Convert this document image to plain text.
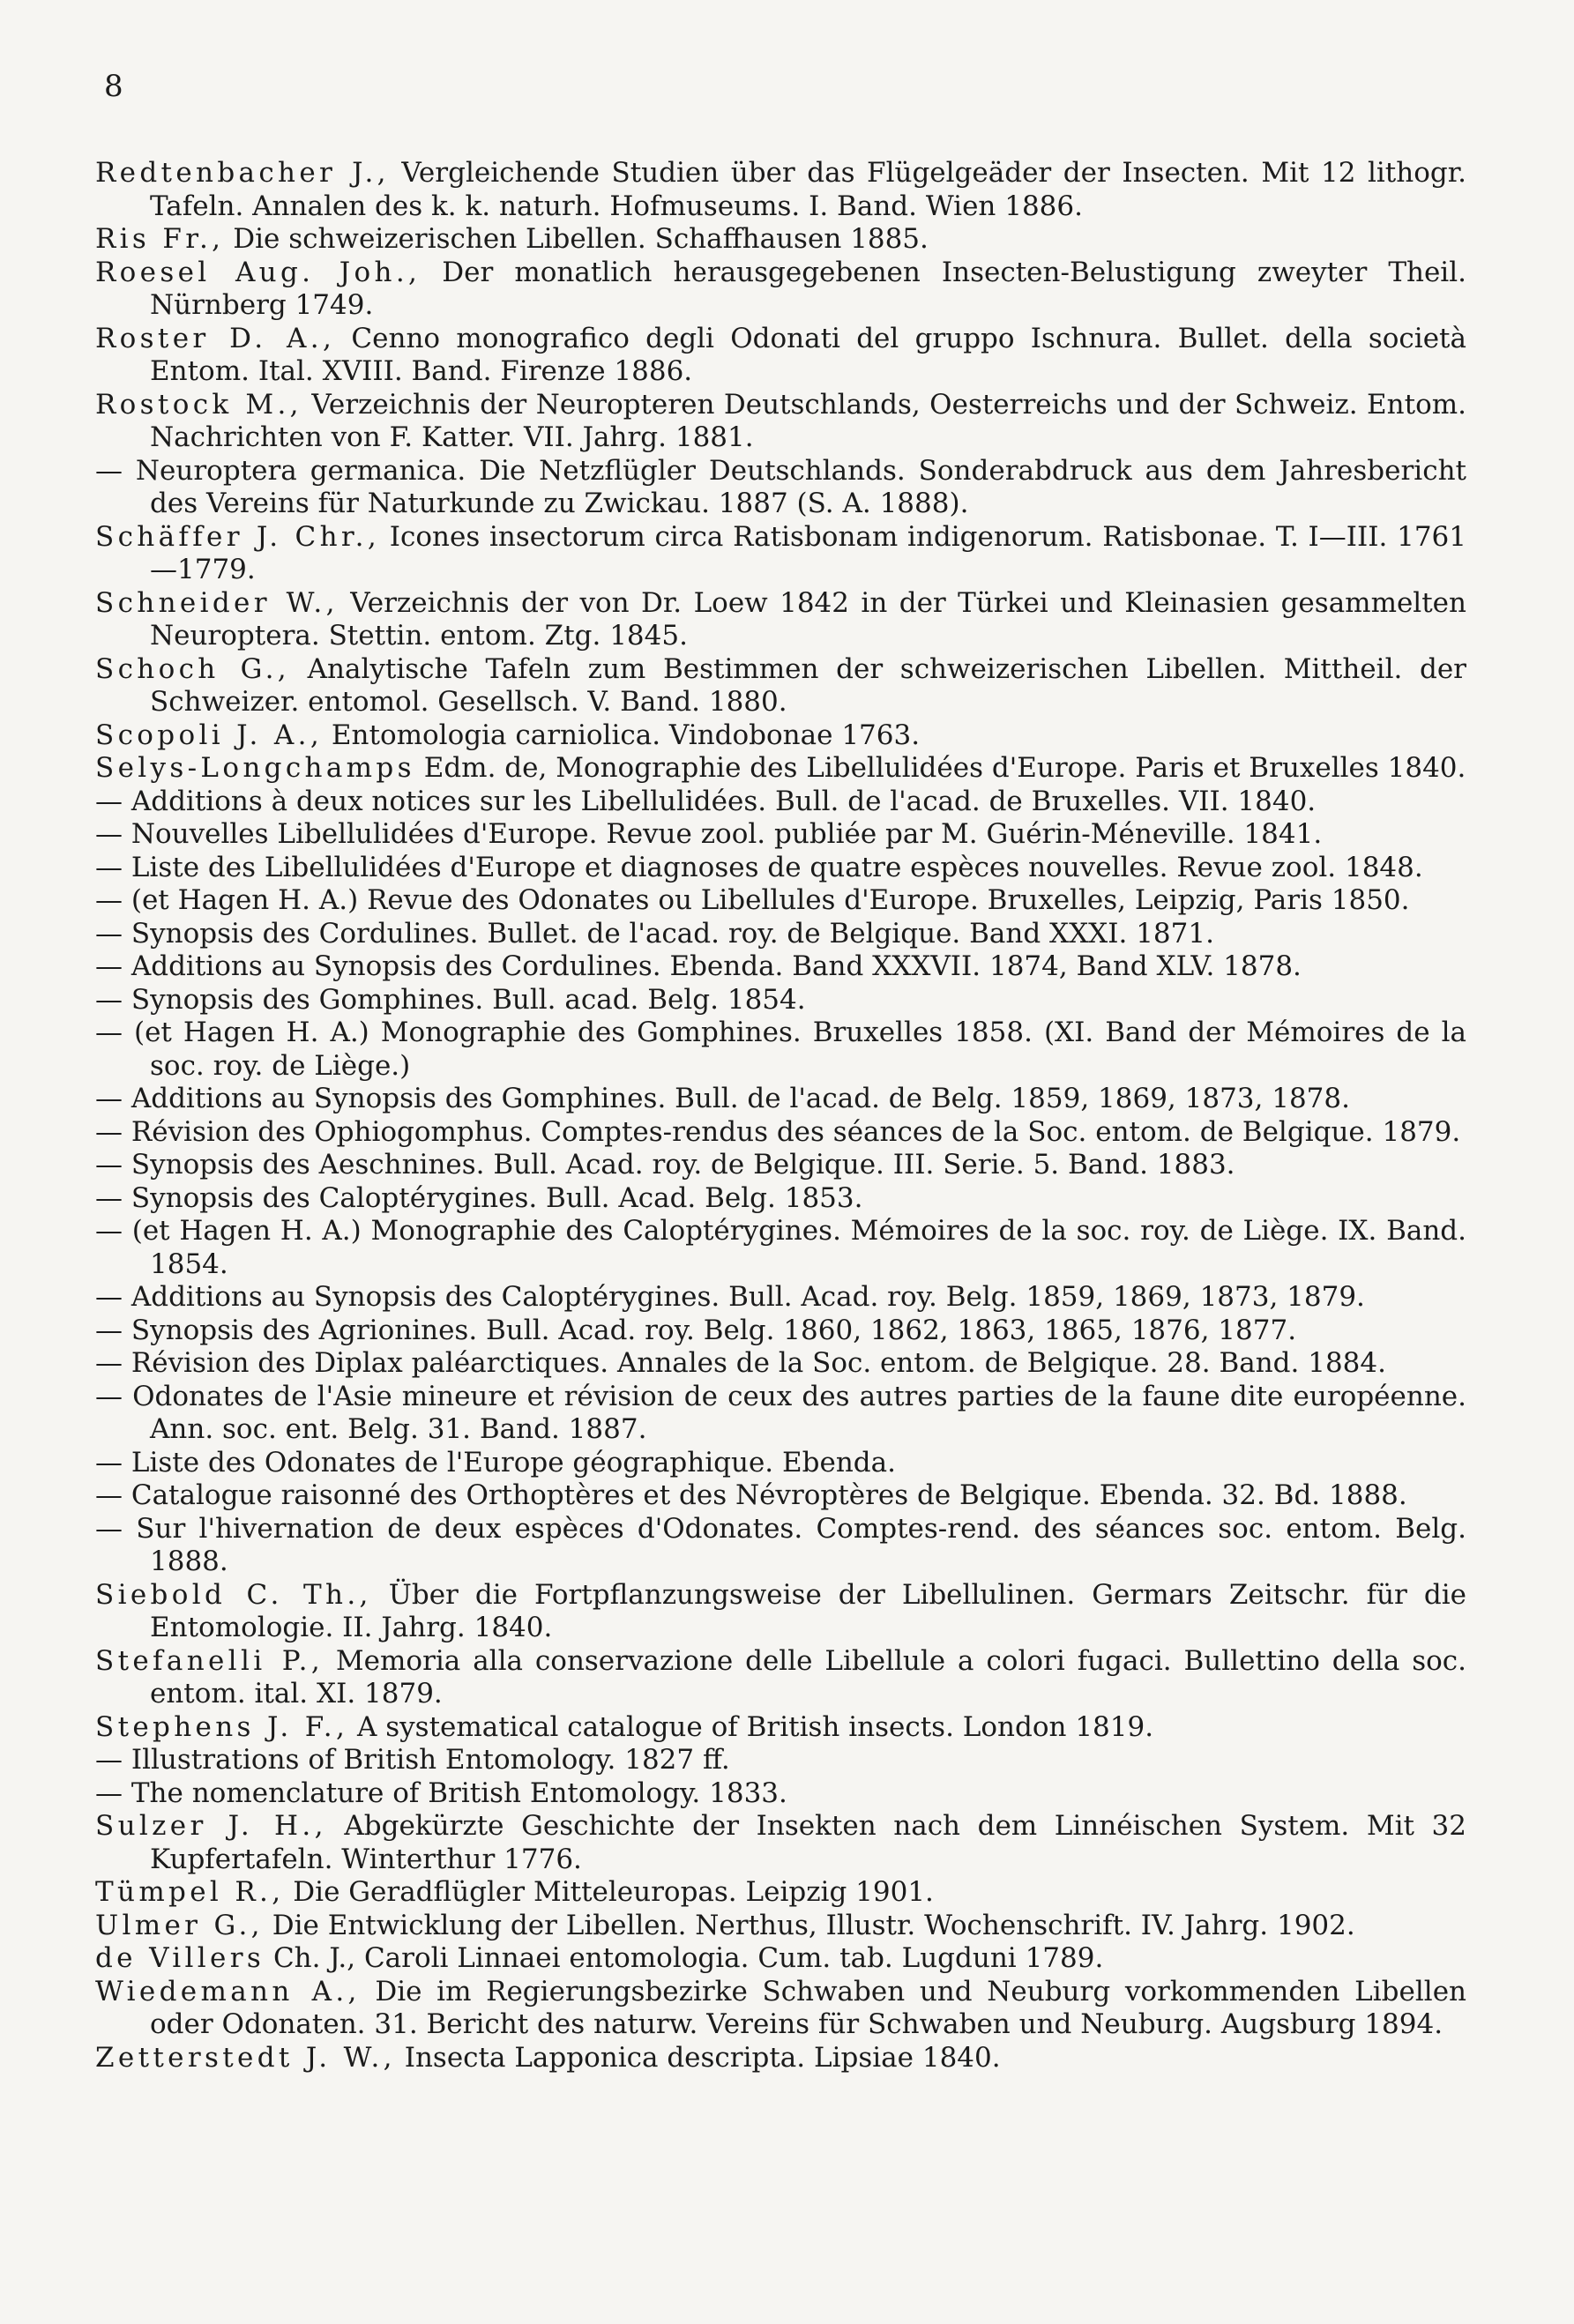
8

Redtenbacher J., Vergleichende Studien über das Flügelgeäder der Insecten. Mit 12 lithogr. Tafeln. Annalen des k. k. naturh. Hofmuseums. I. Band. Wien 1886.

Ris Fr., Die schweizerischen Libellen. Schaffhausen 1885.

Roesel Aug. Joh., Der monatlich herausgegebenen Insecten-Belustigung zweyter Theil. Nürnberg 1749.

Roster D. A., Cenno monografico degli Odonati del gruppo Ischnura. Bullet. della società Entom. Ital. XVIII. Band. Firenze 1886.

Rostock M., Verzeichnis der Neuropteren Deutschlands, Oesterreichs und der Schweiz. Entom. Nachrichten von F. Katter. VII. Jahrg. 1881.

— Neuroptera germanica. Die Netzflügler Deutschlands. Sonderabdruck aus dem Jahresbericht des Vereins für Naturkunde zu Zwickau. 1887 (S. A. 1888).

Schäffer J. Chr., Icones insectorum circa Ratisbonam indigenorum. Ratisbonae. T. I—III. 1761—1779.

Schneider W., Verzeichnis der von Dr. Loew 1842 in der Türkei und Kleinasien gesammelten Neuroptera. Stettin. entom. Ztg. 1845.

Schoch G., Analytische Tafeln zum Bestimmen der schweizerischen Libellen. Mittheil. der Schweizer. entomol. Gesellsch. V. Band. 1880.

Scopoli J. A., Entomologia carniolica. Vindobonae 1763.

Selys-Longchamps Edm. de, Monographie des Libellulidées d'Europe. Paris et Bruxelles 1840.

— Additions à deux notices sur les Libellulidées. Bull. de l'acad. de Bruxelles. VII. 1840.

— Nouvelles Libellulidées d'Europe. Revue zool. publiée par M. Guérin-Méneville. 1841.

— Liste des Libellulidées d'Europe et diagnoses de quatre espèces nouvelles. Revue zool. 1848.

— (et Hagen H. A.) Revue des Odonates ou Libellules d'Europe. Bruxelles, Leipzig, Paris 1850.

— Synopsis des Cordulines. Bullet. de l'acad. roy. de Belgique. Band XXXI. 1871.

— Additions au Synopsis des Cordulines. Ebenda. Band XXXVII. 1874, Band XLV. 1878.

— Synopsis des Gomphines. Bull. acad. Belg. 1854.

— (et Hagen H. A.) Monographie des Gomphines. Bruxelles 1858. (XI. Band der Mémoires de la soc. roy. de Liège.)

— Additions au Synopsis des Gomphines. Bull. de l'acad. de Belg. 1859, 1869, 1873, 1878.

— Révision des Ophiogomphus. Comptes-rendus des séances de la Soc. entom. de Belgique. 1879.

— Synopsis des Aeschnines. Bull. Acad. roy. de Belgique. III. Serie. 5. Band. 1883.

— Synopsis des Caloptérygines. Bull. Acad. Belg. 1853.

— (et Hagen H. A.) Monographie des Caloptérygines. Mémoires de la soc. roy. de Liège. IX. Band. 1854.

— Additions au Synopsis des Caloptérygines. Bull. Acad. roy. Belg. 1859, 1869, 1873, 1879.

— Synopsis des Agrionines. Bull. Acad. roy. Belg. 1860, 1862, 1863, 1865, 1876, 1877.

— Révision des Diplax paléarctiques. Annales de la Soc. entom. de Belgique. 28. Band. 1884.

— Odonates de l'Asie mineure et révision de ceux des autres parties de la faune dite européenne. Ann. soc. ent. Belg. 31. Band. 1887.

— Liste des Odonates de l'Europe géographique. Ebenda.

— Catalogue raisonné des Orthoptères et des Névroptères de Belgique. Ebenda. 32. Bd. 1888.

— Sur l'hivernation de deux espèces d'Odonates. Comptes-rend. des séances soc. entom. Belg. 1888.

Siebold C. Th., Über die Fortpflanzungsweise der Libellulinen. Germars Zeitschr. für die Entomologie. II. Jahrg. 1840.

Stefanelli P., Memoria alla conservazione delle Libellule a colori fugaci. Bullettino della soc. entom. ital. XI. 1879.

Stephens J. F., A systematical catalogue of British insects. London 1819.

— Illustrations of British Entomology. 1827 ff.

— The nomenclature of British Entomology. 1833.

Sulzer J. H., Abgekürzte Geschichte der Insekten nach dem Linnéischen System. Mit 32 Kupfertafeln. Winterthur 1776.

Tümpel R., Die Geradflügler Mitteleuropas. Leipzig 1901.

Ulmer G., Die Entwicklung der Libellen. Nerthus, Illustr. Wochenschrift. IV. Jahrg. 1902.

de Villers Ch. J., Caroli Linnaei entomologia. Cum. tab. Lugduni 1789.

Wiedemann A., Die im Regierungsbezirke Schwaben und Neuburg vorkommenden Libellen oder Odonaten. 31. Bericht des naturw. Vereins für Schwaben und Neuburg. Augsburg 1894.

Zetterstedt J. W., Insecta Lapponica descripta. Lipsiae 1840.
